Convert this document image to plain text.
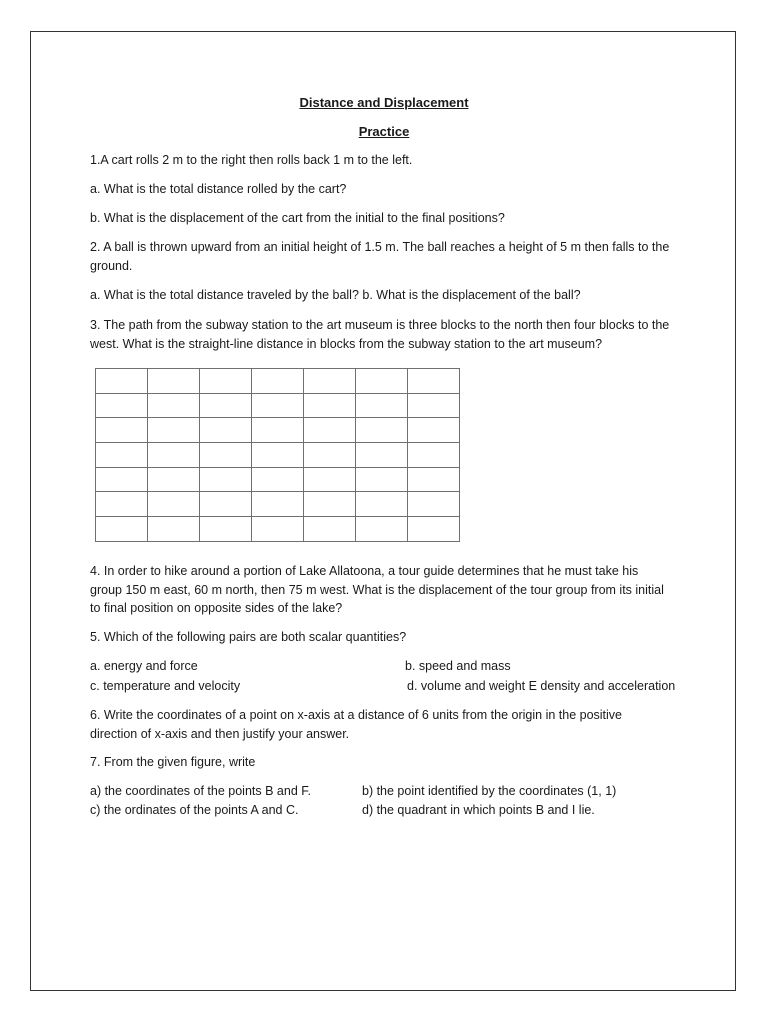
Distance and Displacement

Practice

1.A cart rolls 2 m to the right then rolls back 1 m to the left.

a. What is the total distance rolled by the cart?

b. What is the displacement of the cart from the initial to the final positions?

2. A ball is thrown upward from an initial height of 1.5 m. The ball reaches a height of 5 m then falls to the ground.

a. What is the total distance traveled by the ball? b. What is the displacement of the ball?

3. The path from the subway station to the art museum is three blocks to the north then four blocks to the west. What is the straight-line distance in blocks from the subway station to the art museum?

4. In order to hike around a portion of Lake Allatoona, a tour guide determines that he must take his group 150 m east, 60 m north, then 75 m west. What is the displacement of the tour group from its initial to final position on opposite sides of the lake?

5. Which of the following pairs are both scalar quantities?

a. energy and force	b. speed and mass

c. temperature and velocity	d. volume and weight E density and acceleration

6. Write the coordinates of a point on x-axis at a distance of 6 units from the origin in the positive direction of x-axis and then justify your answer.

7. From the given figure, write

a) the coordinates of the points B and F.	b) the point identified by the coordinates (1, 1)

c) the ordinates of the points A and C.	d) the quadrant in which points B and I lie.
